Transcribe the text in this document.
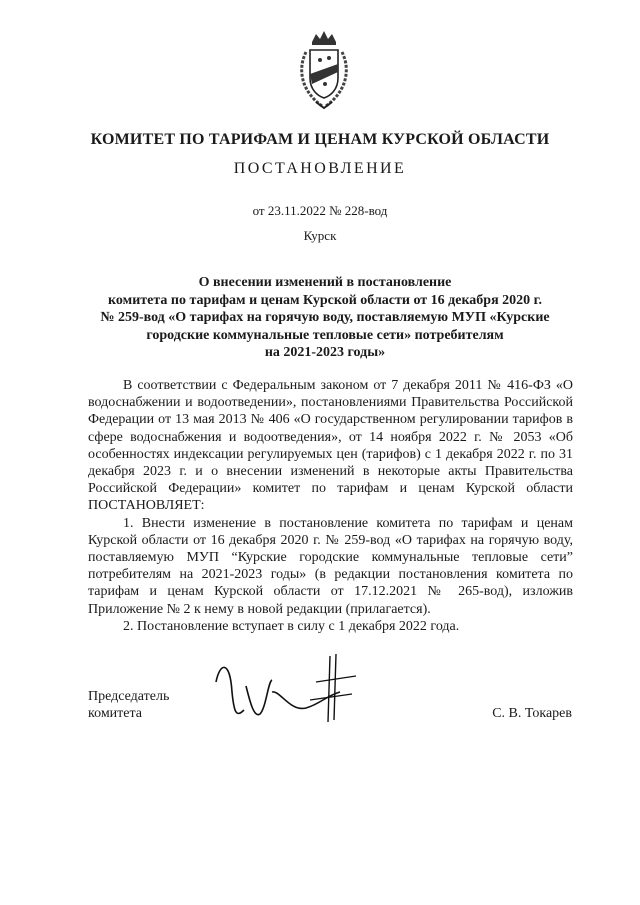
КОМИТЕТ ПО ТАРИФАМ И ЦЕНАМ КУРСКОЙ ОБЛАСТИ
ПОСТАНОВЛЕНИЕ
от 23.11.2022 № 228-вод
Курск
О внесении изменений в постановление
комитета по тарифам и ценам Курской области от 16 декабря 2020 г.
№ 259-вод «О тарифах на горячую воду, поставляемую МУП «Курские
городские коммунальные тепловые сети» потребителям
на 2021-2023 годы»

В соответствии с Федеральным законом от 7 декабря 2011 № 416-ФЗ «О водоснабжении и водоотведении», постановлениями Правительства Российской Федерации от 13 мая 2013 № 406 «О государственном регулировании тарифов в сфере водоснабжения и водоотведения», от 14 ноября 2022 г. № 2053 «Об особенностях индексации регулируемых цен (тарифов) с 1 декабря 2022 г. по 31 декабря 2023 г. и о внесении изменений в некоторые акты Правительства Российской Федерации» комитет по тарифам и ценам Курской области ПОСТАНОВЛЯЕТ:

1. Внести изменение в постановление комитета по тарифам и ценам Курской области от 16 декабря 2020 г. № 259-вод «О тарифах на горячую воду, поставляемую МУП “Курские городские коммунальные тепловые сети” потребителям на 2021-2023 годы» (в редакции постановления комитета по тарифам и ценам Курской области от 17.12.2021 № 265-вод), изложив Приложение № 2 к нему в новой редакции (прилагается).

2. Постановление вступает в силу с 1 декабря 2022 года.

Председатель
комитета	С. В. Токарев
